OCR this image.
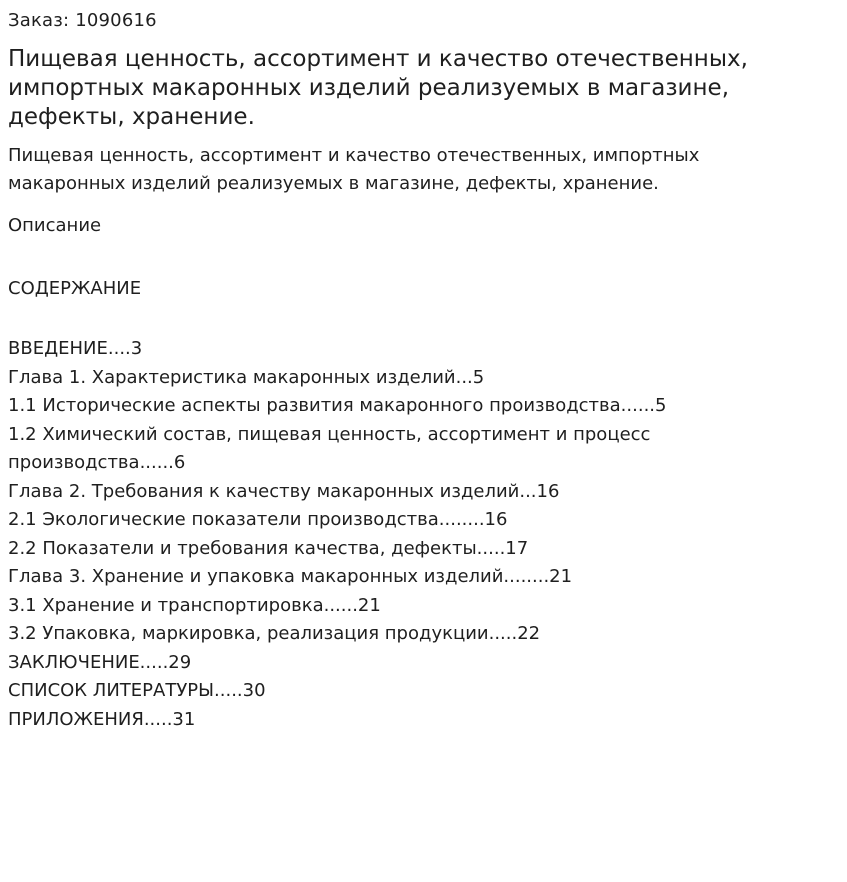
Заказ: 1090616

Пищевая ценность, ассортимент и качество отечественных, импортных макаронных изделий реализуемых в магазине, дефекты, хранение.

Пищевая ценность, ассортимент и качество отечественных, импортных макаронных изделий реализуемых в магазине, дефекты, хранение.

Описание
СОДЕРЖАНИЕ
ВВЕДЕНИЕ....3
Глава 1. Характеристика макаронных изделий...5
1.1 Исторические аспекты развития макаронного производства......5
1.2 Химический состав, пищевая ценность, ассортимент и процесс производства......6
Глава 2. Требования к качеству макаронных изделий...16
2.1 Экологические показатели производства........16
2.2 Показатели и требования качества, дефекты.....17
Глава 3. Хранение и упаковка макаронных изделий........21
3.1 Хранение и транспортировка......21
3.2 Упаковка, маркировка, реализация продукции.....22
ЗАКЛЮЧЕНИЕ.....29
СПИСОК ЛИТЕРАТУРЫ.....30
ПРИЛОЖЕНИЯ.....31
